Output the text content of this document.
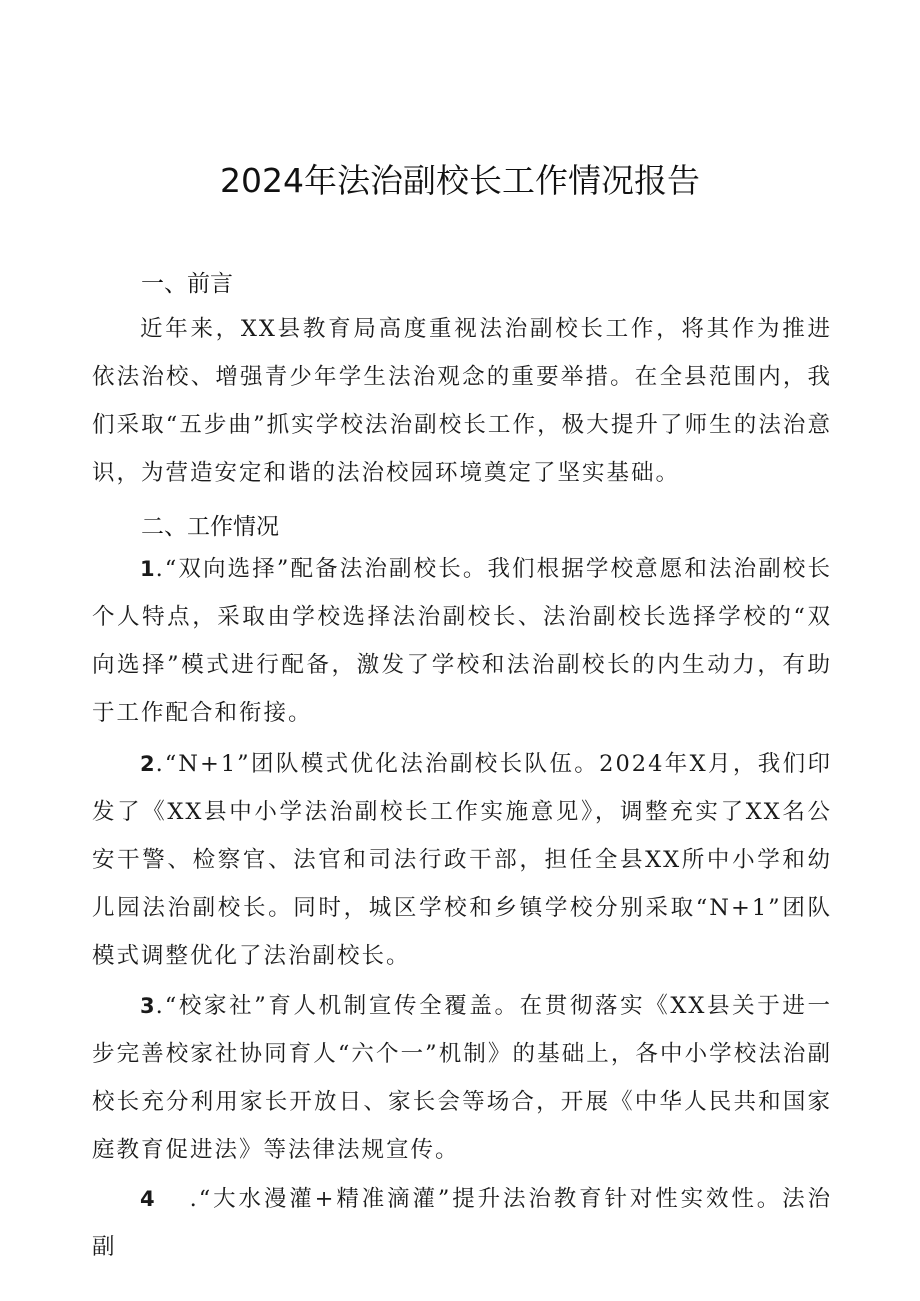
2024年法治副校长工作情况报告
一、前言

近年来，XX县教育局高度重视法治副校长工作，将其作为推进依法治校、增强青少年学生法治观念的重要举措。在全县范围内，我们采取“五步曲”抓实学校法治副校长工作，极大提升了师生的法治意识，为营造安定和谐的法治校园环境奠定了坚实基础。

二、工作情况

1.“双向选择”配备法治副校长。我们根据学校意愿和法治副校长个人特点，采取由学校选择法治副校长、法治副校长选择学校的“双向选择”模式进行配备，激发了学校和法治副校长的内生动力，有助于工作配合和衔接。

2.“N+1”团队模式优化法治副校长队伍。2024年X月，我们印发了《XX县中小学法治副校长工作实施意见》，调整充实了XX名公安干警、检察官、法官和司法行政干部，担任全县XX所中小学和幼儿园法治副校长。同时，城区学校和乡镇学校分别采取“N+1”团队模式调整优化了法治副校长。

3.“校家社”育人机制宣传全覆盖。在贯彻落实《XX县关于进一步完善校家社协同育人“六个一”机制》的基础上，各中小学校法治副校长充分利用家长开放日、家长会等场合，开展《中华人民共和国家庭教育促进法》等法律法规宣传。

4 .“大水漫灌+精准滴灌”提升法治教育针对性实效性。法治副
